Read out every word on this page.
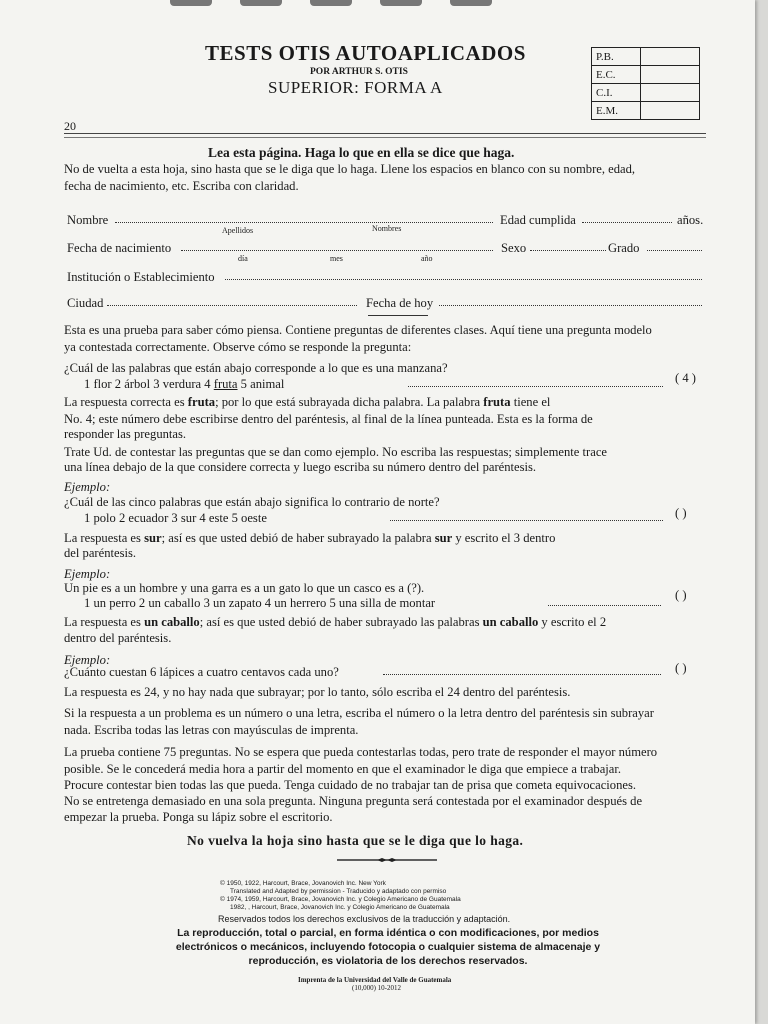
TESTS OTIS AUTOAPLICADOS
POR ARTHUR S. OTIS
SUPERIOR: FORMA A
20
P.B.	
E.C.	
C.I.	
E.M.	
Lea esta página. Haga lo que en ella se dice que haga.
No de vuelta a esta hoja, sino hasta que se le diga que lo haga. Llene los espacios en blanco con su nombre, edad,
fecha de nacimiento, etc. Escriba con claridad.
Nombre
Apellidos	Nombres
Edad cumplida	años.
Fecha de nacimiento
día	mes	año
Sexo	Grado
Institución o Establecimiento
Ciudad	Fecha de hoy
Esta es una prueba para saber cómo piensa. Contiene preguntas de diferentes clases. Aquí tiene una pregunta modelo
ya contestada correctamente. Observe cómo se responde la pregunta:
¿Cuál de las palabras que están abajo corresponde a lo que es una manzana?
1 flor 2 árbol 3 verdura 4 fruta 5 animal	( 4 )
La respuesta correcta es fruta; por lo que está subrayada dicha palabra. La palabra fruta tiene el
No. 4; este número debe escribirse dentro del paréntesis, al final de la línea punteada. Esta es la forma de
responder las preguntas.
Trate Ud. de contestar las preguntas que se dan como ejemplo. No escriba las respuestas; simplemente trace
una línea debajo de la que considere correcta y luego escriba su número dentro del paréntesis.
Ejemplo:
¿Cuál de las cinco palabras que están abajo significa lo contrario de norte?
1 polo 2 ecuador 3 sur 4 este 5 oeste	( )
La respuesta es sur; así es que usted debió de haber subrayado la palabra sur y escrito el 3 dentro
del paréntesis.
Ejemplo:
Un pie es a un hombre y una garra es a un gato lo que un casco es a (?).
1 un perro 2 un caballo 3 un zapato 4 un herrero 5 una silla de montar
( )
La respuesta es un caballo; así es que usted debió de haber subrayado las palabras un caballo y escrito el 2
dentro del paréntesis.
Ejemplo:
¿Cuánto cuestan 6 lápices a cuatro centavos cada uno?	( )
La respuesta es 24, y no hay nada que subrayar; por lo tanto, sólo escriba el 24 dentro del paréntesis.
Si la respuesta a un problema es un número o una letra, escriba el número o la letra dentro del paréntesis sin subrayar
nada. Escriba todas las letras con mayúsculas de imprenta.
La prueba contiene 75 preguntas. No se espera que pueda contestarlas todas, pero trate de responder el mayor número
posible. Se le concederá media hora a partir del momento en que el examinador le diga que empiece a trabajar.
Procure contestar bien todas las que pueda. Tenga cuidado de no trabajar tan de prisa que cometa equivocaciones.
No se entretenga demasiado en una sola pregunta. Ninguna pregunta será contestada por el examinador después de
empezar la prueba. Ponga su lápiz sobre el escritorio.
No vuelva la hoja sino hasta que se le diga que lo haga.
© 1950, 1922, Harcourt, Brace, Jovanovich Inc. New York
Translated and Adapted by permission - Traducido y adaptado con permiso
© 1974, 1959, Harcourt, Brace, Jovanovich Inc. y Colegio Americano de Guatemala
1982, , Harcourt, Brace, Jovanovich Inc. y Colegio Americano de Guatemala
Reservados todos los derechos exclusivos de la traducción y adaptación.
La reproducción, total o parcial, en forma idéntica o con modificaciones, por medios
electrónicos o mecánicos, incluyendo fotocopia o cualquier sistema de almacenaje y
reproducción, es violatoria de los derechos reservados.
Imprenta de la Universidad del Valle de Guatemala
(10,000) 10-2012
